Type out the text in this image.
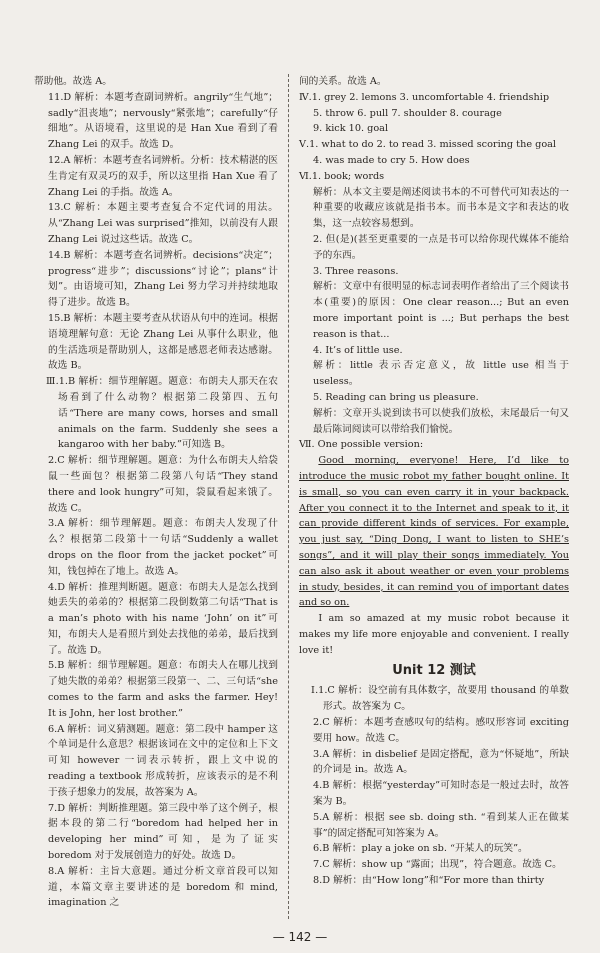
帮助他。故选 A。
11.D 解析：本题考查副词辨析。angrily“生气地”；sadly“沮丧地”；nervously“紧张地”；carefully“仔细地”。从语境看，这里说的是 Han Xue 看到了看 Zhang Lei 的双手。故选 D。
12.A 解析：本题考查名词辨析。分析：技术精湛的医生肯定有双灵巧的双手，所以这里指 Han Xue 看了 Zhang Lei 的手指。故选 A。
13.C 解析：本题主要考查复合不定代词的用法。从“Zhang Lei was surprised”推知，以前没有人跟 Zhang Lei 说过这些话。故选 C。
14.B 解析：本题考查名词辨析。decisions“决定”；progress“进步”；discussions“讨论”；plans“计划”。由语境可知，Zhang Lei 努力学习并持续地取得了进步。故选 B。
15.B 解析：本题主要考查从状语从句中的连词。根据语境理解句意：无论 Zhang Lei 从事什么职业，他的生活选项是帮助别人，这都是感恩老师表达感谢。故选 B。
Ⅲ.1.B 解析：细节理解题。题意：布朗夫人那天在农场看到了什么动物？根据第二段第四、五句话“There are many cows, horses and small animals on the farm. Suddenly she sees a kangaroo with her baby.”可知选 B。
2.C 解析：细节理解题。题意：为什么布朗夫人给袋鼠一些面包？根据第二段第八句话“They stand there and look hungry”可知，袋鼠看起来饿了。故选 C。
3.A 解析：细节理解题。题意：布朗夫人发现了什么？根据第二段第十一句话“Suddenly a wallet drops on the floor from the jacket pocket”可知，钱包掉在了地上。故选 A。
4.D 解析：推理判断题。题意：布朗夫人是怎么找到她丢失的弟弟的？根据第二段倒数第二句话“That is a man’s photo with his name ‘John’ on it”可知，布朗夫人是看照片到处去找他的弟弟，最后找到了。故选 D。
5.B 解析：细节理解题。题意：布朗夫人在哪儿找到了她失散的弟弟？根据第三段第一、二、三句话“she comes to the farm and asks the farmer. Hey! It is John, her lost brother.”
6.A 解析：词义猜测题。题意：第二段中 hamper 这个单词是什么意思？根据该词在文中的定位和上下文可知 however 一词表示转折，跟上文中说的 reading a textbook 形成转折，应该表示的是不利于孩子想象力的发展，故答案为 A。
7.D 解析：判断推理题。第三段中举了这个例子，根据本段的第二行“boredom had helped her in developing her mind”可知，是为了证实 boredom 对于发展创造力的好处。故选 D。
8.A 解析：主旨大意题。通过分析文章首段可以知道，本篇文章主要讲述的是 boredom 和 mind, imagination 之
间的关系。故选 A。
Ⅳ.1. grey 2. lemons 3. uncomfortable 4. friendship
5. throw 6. pull 7. shoulder 8. courage
9. kick 10. goal
Ⅴ.1. what to do 2. to read 3. missed scoring the goal
4. was made to cry 5. How does
Ⅵ.1. book; words
解析：从本文主要是阐述阅读书本的不可替代可知表达的一种重要的收藏应该就是指书本。而书本是文字和表达的收集，这一点较容易想到。
2. 但(是)(甚至更重要的一点是书可以给你现代媒体不能给予的东西。
3. Three reasons.
解析：文章中有很明显的标志词表明作者给出了三个阅读书本(重要)的原因：One clear reason...; But an even more important point is ...; But perhaps the best reason is that...
4. It’s of little use.
解析：little 表示否定意义，故 little use 相当于 useless。
5. Reading can bring us pleasure.
解析：文章开头说到读书可以使我们放松，末尾最后一句又最后陈词阅读可以带给我们愉悦。
Ⅶ. One possible version:

Good morning, everyone! Here, I’d like to introduce the music robot my father bought online. It is small, so you can even carry it in your backpack. After you connect it to the Internet and speak to it, it can provide different kinds of services. For example, you just say, “Ding Dong, I want to listen to SHE’s songs”, and it will play their songs immediately. You can also ask it about weather or even your problems in study, besides, it can remind you of important dates and so on.

I am so amazed at my music robot because it makes my life more enjoyable and convenient. I really love it!

Unit 12 测试
Ⅰ.1.C 解析：设空前有具体数字，故要用 thousand 的单数形式。故答案为 C。
2.C 解析：本题考查感叹句的结构。感叹形容词 exciting 要用 how。故选 C。
3.A 解析：in disbelief 是固定搭配，意为“怀疑地”，所缺的介词是 in。故选 A。
4.B 解析：根据“yesterday”可知时态是一般过去时，故答案为 B。
5.A 解析：根据 see sb. doing sth. “看到某人正在做某事”的固定搭配可知答案为 A。
6.B 解析：play a joke on sb. “开某人的玩笑”。
7.C 解析：show up “露面；出现”，符合题意。故选 C。
8.D 解析：由“How long”和“For more than thirty
— 142 —
